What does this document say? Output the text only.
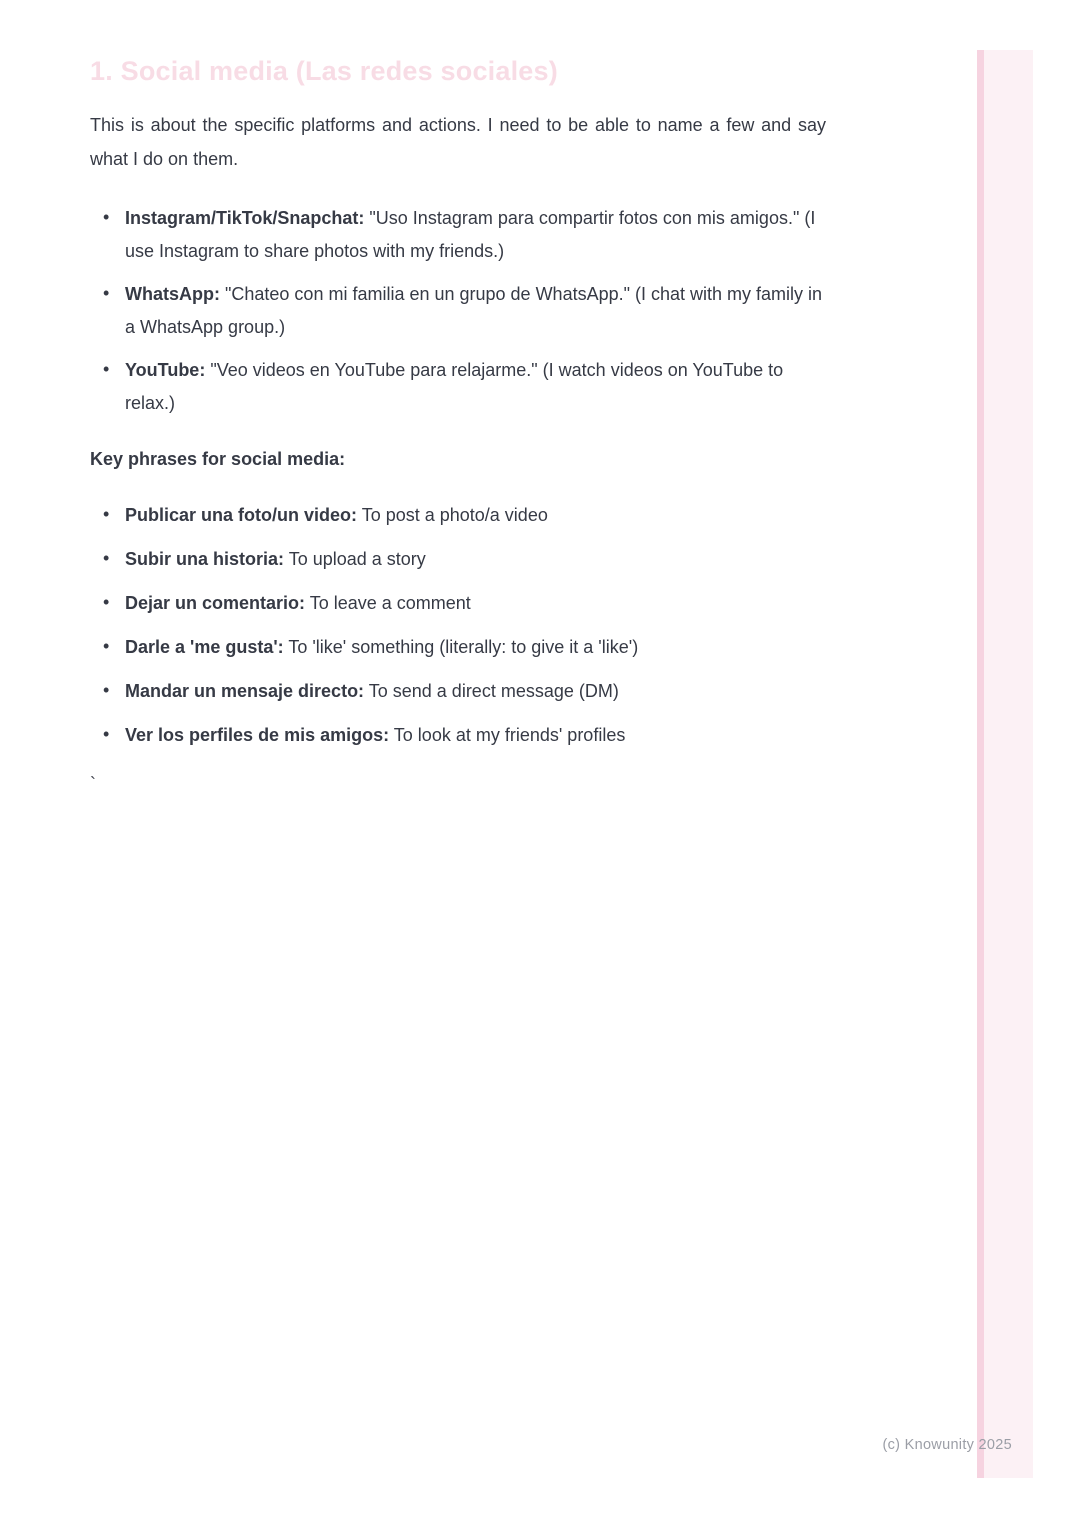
1. Social media (Las redes sociales)

This is about the specific platforms and actions. I need to be able to name a few and say what I do on them.

• Instagram/TikTok/Snapchat: "Uso Instagram para compartir fotos con mis amigos." (I use Instagram to share photos with my friends.)
• WhatsApp: "Chateo con mi familia en un grupo de WhatsApp." (I chat with my family in a WhatsApp group.)
• YouTube: "Veo videos en YouTube para relajarme." (I watch videos on YouTube to relax.)
Key phrases for social media:
• Publicar una foto/un video: To post a photo/a video
• Subir una historia: To upload a story
• Dejar un comentario: To leave a comment
• Darle a 'me gusta': To 'like' something (literally: to give it a 'like')
• Mandar un mensaje directo: To send a direct message (DM)
• Ver los perfiles de mis amigos: To look at my friends' profiles
`
(c) Knowunity 2025
